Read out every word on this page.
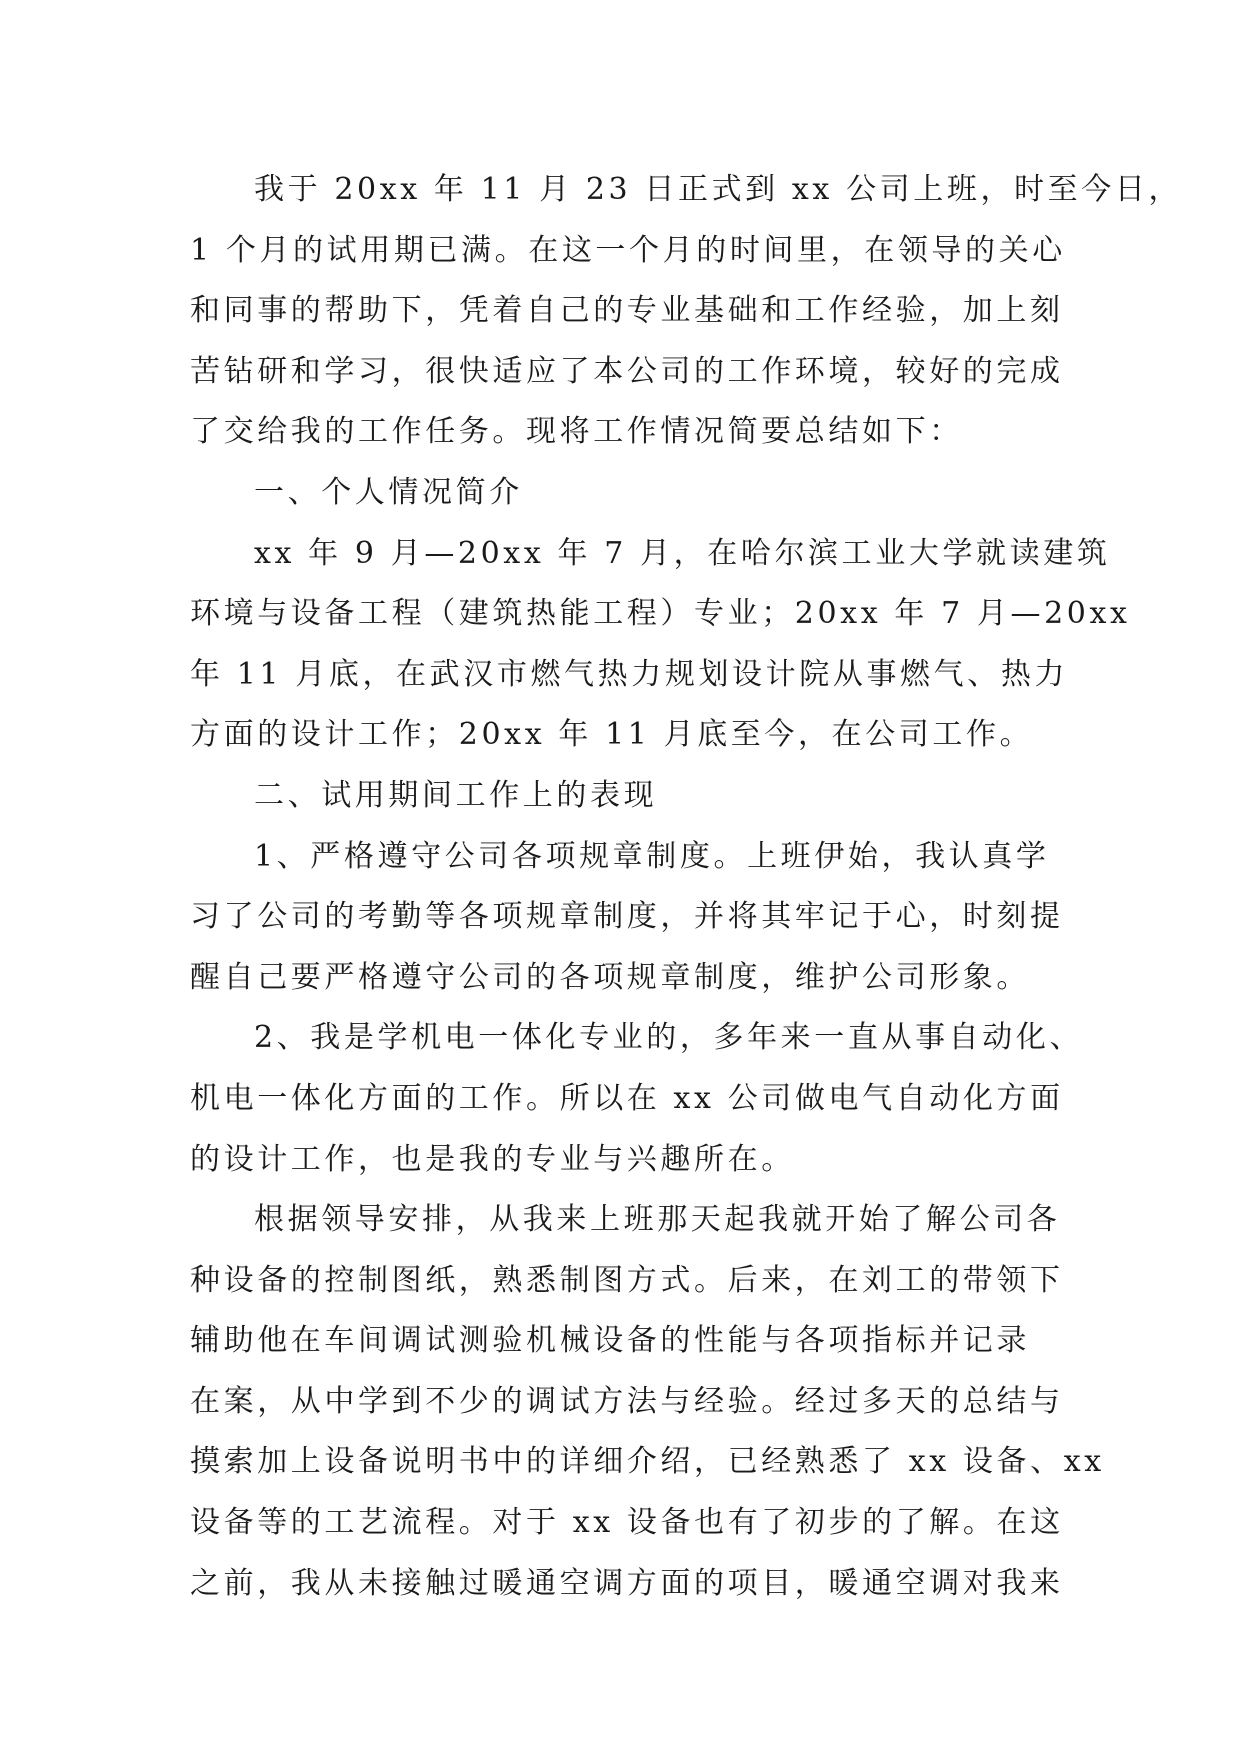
我于 20xx 年 11 月 23 日正式到 xx 公司上班，时至今日，
1 个月的试用期已满。在这一个月的时间里，在领导的关心
和同事的帮助下，凭着自己的专业基础和工作经验，加上刻
苦钻研和学习，很快适应了本公司的工作环境，较好的完成
了交给我的工作任务。现将工作情况简要总结如下：
一、个人情况简介
xx 年 9 月—20xx 年 7 月，在哈尔滨工业大学就读建筑
环境与设备工程（建筑热能工程）专业；20xx 年 7 月—20xx
年 11 月底，在武汉市燃气热力规划设计院从事燃气、热力
方面的设计工作；20xx 年 11 月底至今，在公司工作。
二、试用期间工作上的表现
1、严格遵守公司各项规章制度。上班伊始，我认真学
习了公司的考勤等各项规章制度，并将其牢记于心，时刻提
醒自己要严格遵守公司的各项规章制度，维护公司形象。
2、我是学机电一体化专业的，多年来一直从事自动化、
机电一体化方面的工作。所以在 xx 公司做电气自动化方面
的设计工作，也是我的专业与兴趣所在。
根据领导安排，从我来上班那天起我就开始了解公司各
种设备的控制图纸，熟悉制图方式。后来，在刘工的带领下
辅助他在车间调试测验机械设备的性能与各项指标并记录
在案，从中学到不少的调试方法与经验。经过多天的总结与
摸索加上设备说明书中的详细介绍，已经熟悉了 xx 设备、xx
设备等的工艺流程。对于 xx 设备也有了初步的了解。在这
之前，我从未接触过暖通空调方面的项目，暖通空调对我来
